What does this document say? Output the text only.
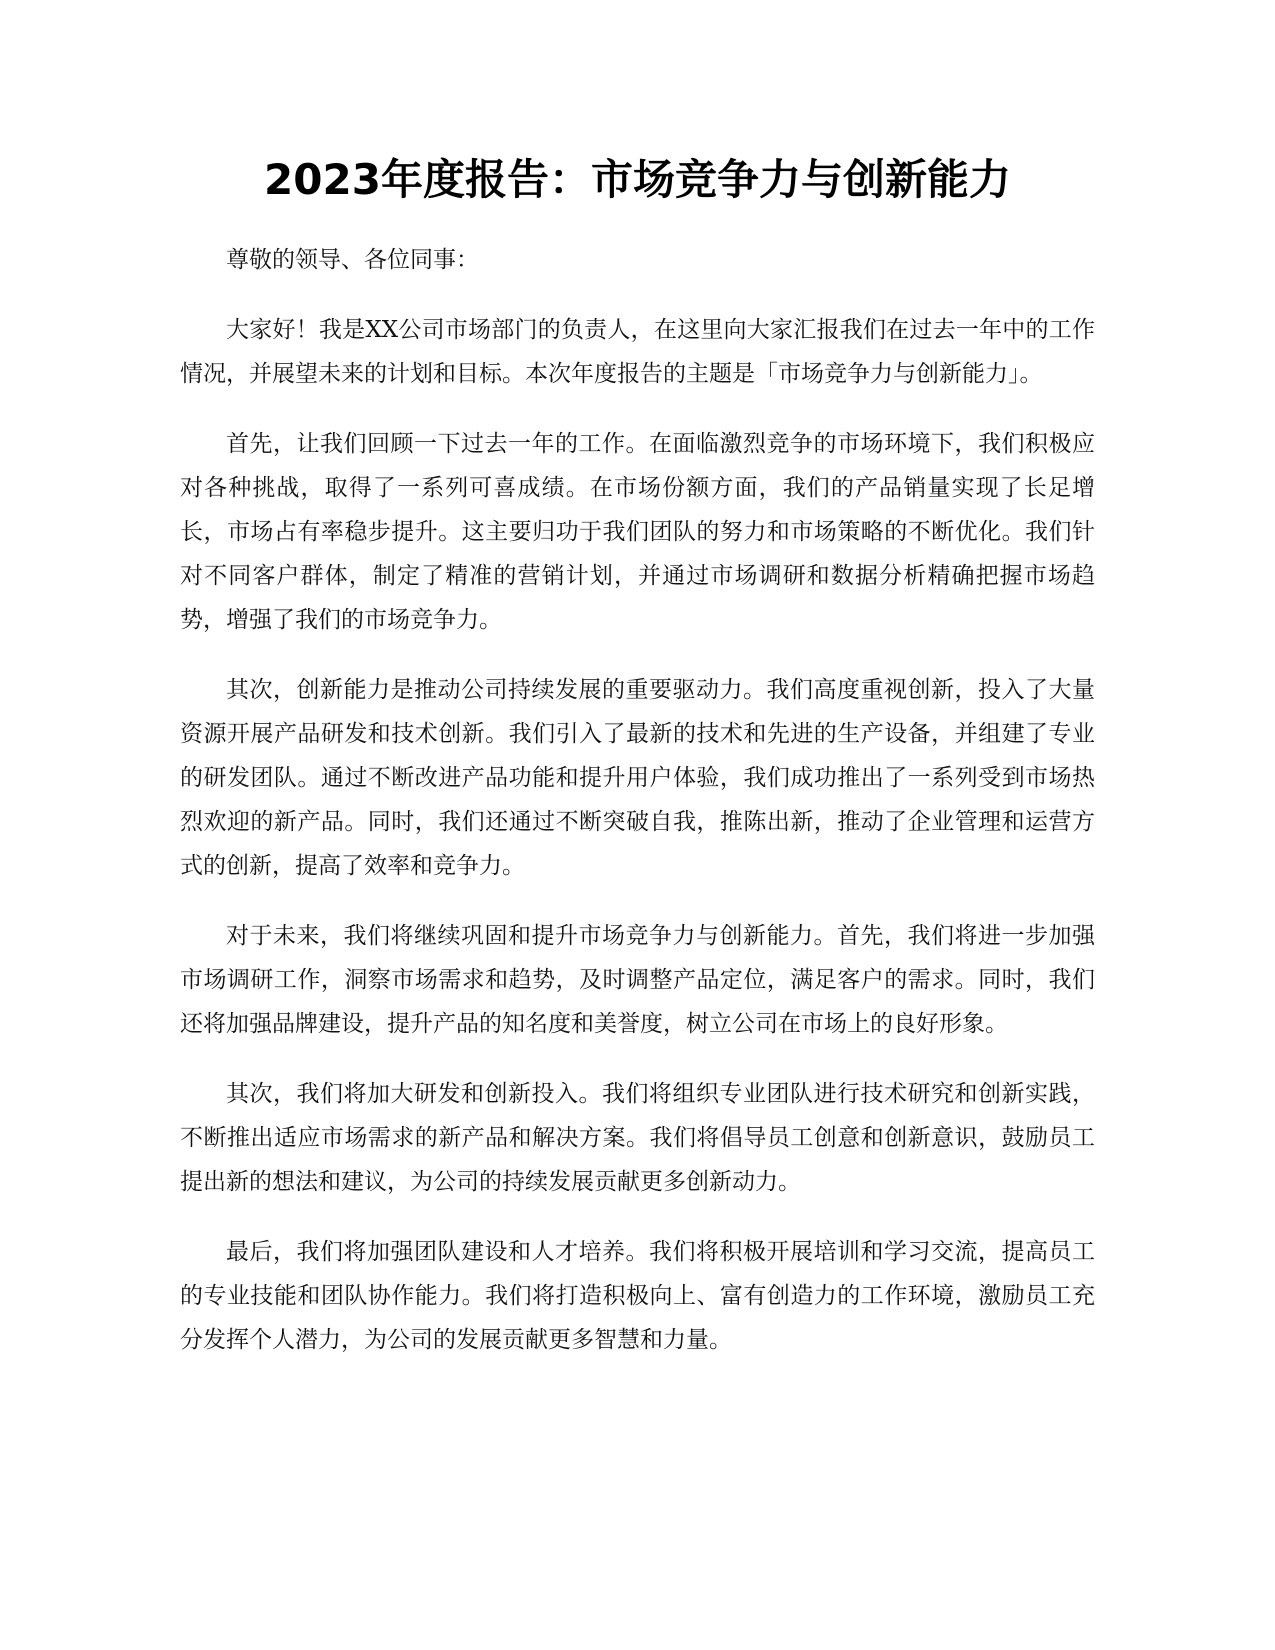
2023年度报告：市场竞争力与创新能力

尊敬的领导、各位同事：

大家好！我是XX公司市场部门的负责人，在这里向大家汇报我们在过去一年中的工作情况，并展望未来的计划和目标。本次年度报告的主题是「市场竞争力与创新能力」。

首先，让我们回顾一下过去一年的工作。在面临激烈竞争的市场环境下，我们积极应对各种挑战，取得了一系列可喜成绩。在市场份额方面，我们的产品销量实现了长足增长，市场占有率稳步提升。这主要归功于我们团队的努力和市场策略的不断优化。我们针对不同客户群体，制定了精准的营销计划，并通过市场调研和数据分析精确把握市场趋势，增强了我们的市场竞争力。

其次，创新能力是推动公司持续发展的重要驱动力。我们高度重视创新，投入了大量资源开展产品研发和技术创新。我们引入了最新的技术和先进的生产设备，并组建了专业的研发团队。通过不断改进产品功能和提升用户体验，我们成功推出了一系列受到市场热烈欢迎的新产品。同时，我们还通过不断突破自我，推陈出新，推动了企业管理和运营方式的创新，提高了效率和竞争力。

对于未来，我们将继续巩固和提升市场竞争力与创新能力。首先，我们将进一步加强市场调研工作，洞察市场需求和趋势，及时调整产品定位，满足客户的需求。同时，我们还将加强品牌建设，提升产品的知名度和美誉度，树立公司在市场上的良好形象。

其次，我们将加大研发和创新投入。我们将组织专业团队进行技术研究和创新实践，不断推出适应市场需求的新产品和解决方案。我们将倡导员工创意和创新意识，鼓励员工提出新的想法和建议，为公司的持续发展贡献更多创新动力。

最后，我们将加强团队建设和人才培养。我们将积极开展培训和学习交流，提高员工的专业技能和团队协作能力。我们将打造积极向上、富有创造力的工作环境，激励员工充分发挥个人潜力，为公司的发展贡献更多智慧和力量。
